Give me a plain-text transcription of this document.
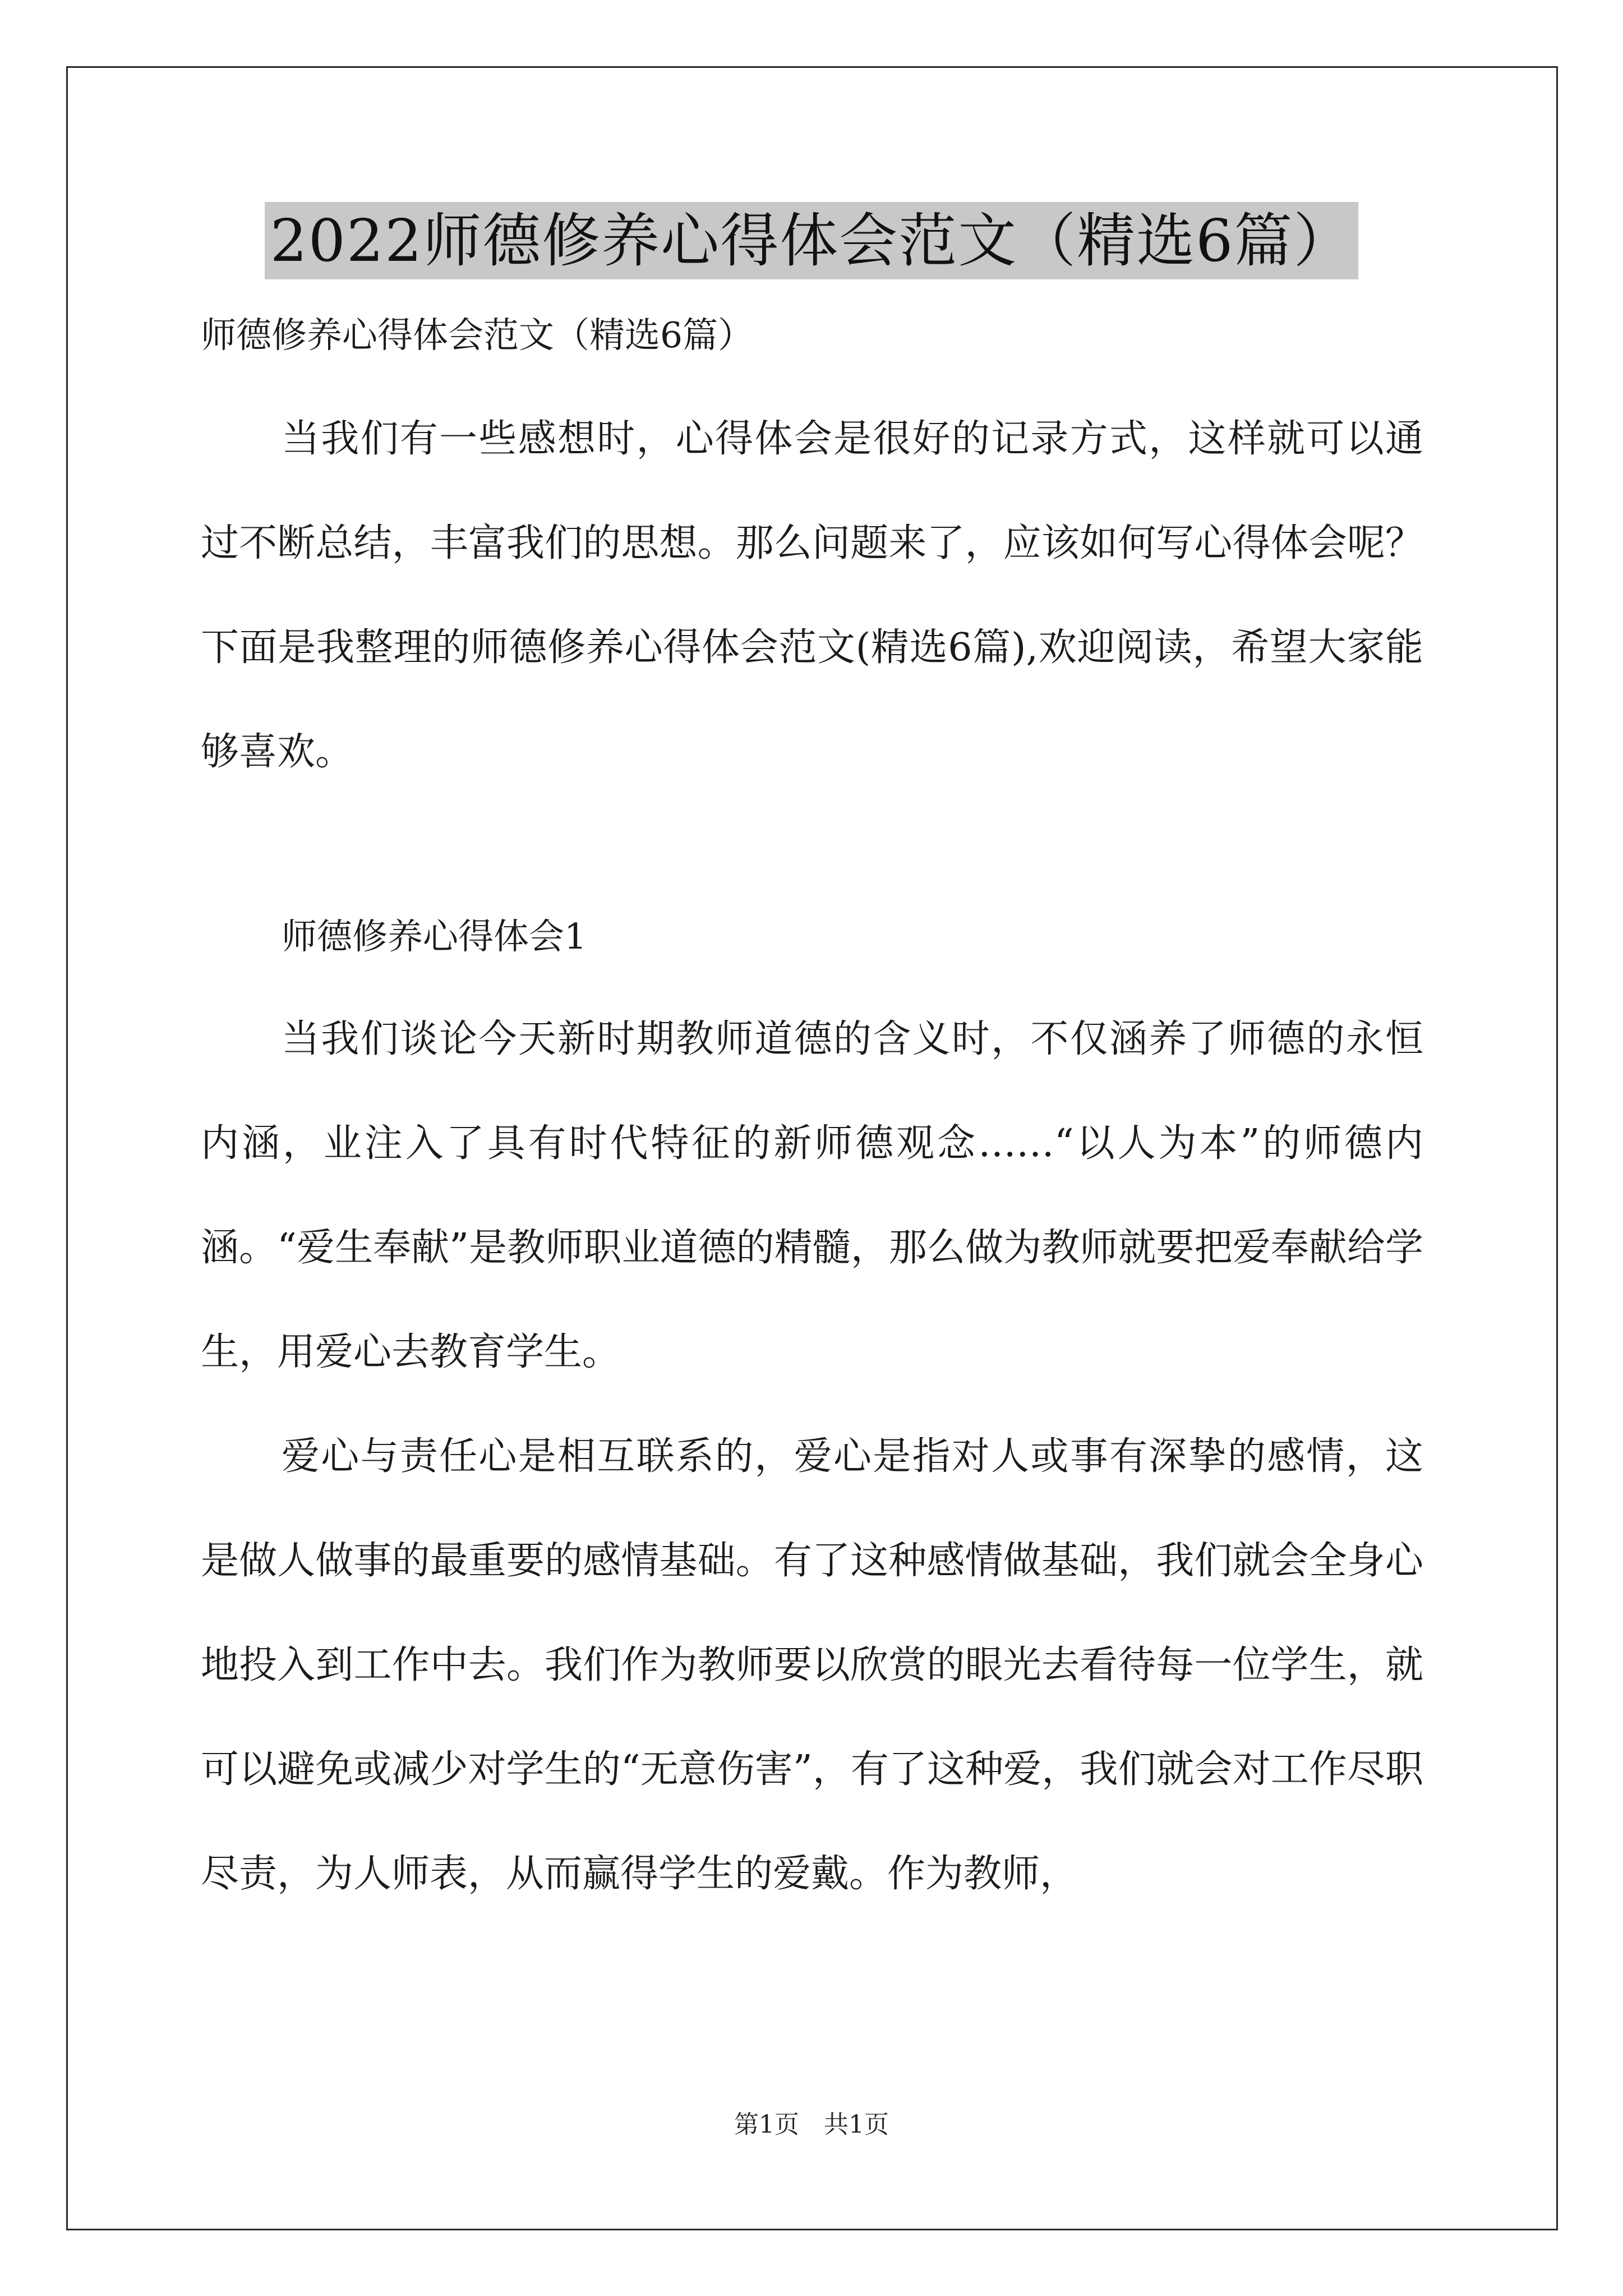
2022师德修养心得体会范文（精选6篇）

师德修养心得体会范文（精选6篇）

当我们有一些感想时，心得体会是很好的记录方式，这样就可以通过不断总结，丰富我们的思想。那么问题来了，应该如何写心得体会呢？下面是我整理的师德修养心得体会范文(精选6篇),欢迎阅读，希望大家能够喜欢。

师德修养心得体会1

当我们谈论今天新时期教师道德的含义时，不仅涵养了师德的永恒内涵，业注入了具有时代特征的新师德观念……“以人为本”的师德内涵。“爱生奉献”是教师职业道德的精髓，那么做为教师就要把爱奉献给学生，用爱心去教育学生。

爱心与责任心是相互联系的，爱心是指对人或事有深挚的感情，这是做人做事的最重要的感情基础。有了这种感情做基础，我们就会全身心地投入到工作中去。我们作为教师要以欣赏的眼光去看待每一位学生，就可以避免或减少对学生的“无意伤害”，有了这种爱，我们就会对工作尽职尽责，为人师表，从而赢得学生的爱戴。作为教师，

第1页 共1页
